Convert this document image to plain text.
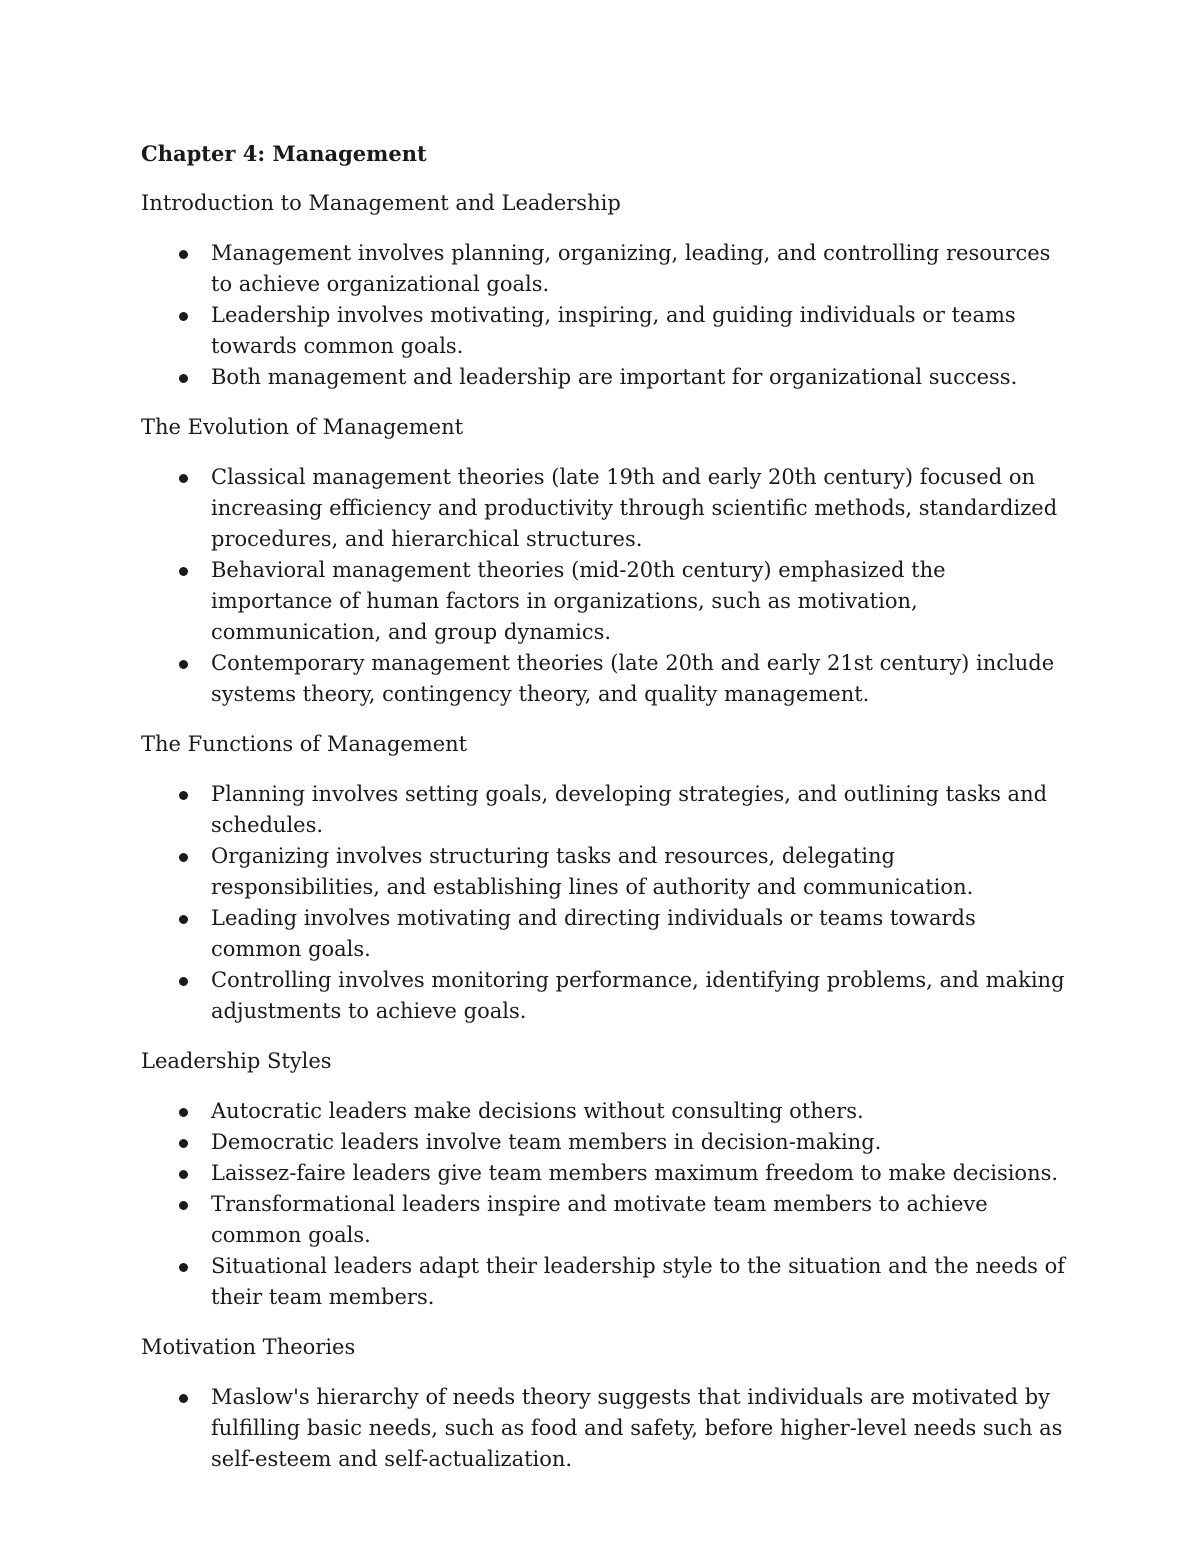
Chapter 4: Management
Introduction to Management and Leadership
Management involves planning, organizing, leading, and controlling resources to achieve organizational goals.
Leadership involves motivating, inspiring, and guiding individuals or teams towards common goals.
Both management and leadership are important for organizational success.
The Evolution of Management
Classical management theories (late 19th and early 20th century) focused on increasing efficiency and productivity through scientific methods, standardized procedures, and hierarchical structures.
Behavioral management theories (mid-20th century) emphasized the importance of human factors in organizations, such as motivation, communication, and group dynamics.
Contemporary management theories (late 20th and early 21st century) include systems theory, contingency theory, and quality management.
The Functions of Management
Planning involves setting goals, developing strategies, and outlining tasks and schedules.
Organizing involves structuring tasks and resources, delegating responsibilities, and establishing lines of authority and communication.
Leading involves motivating and directing individuals or teams towards common goals.
Controlling involves monitoring performance, identifying problems, and making adjustments to achieve goals.
Leadership Styles
Autocratic leaders make decisions without consulting others.
Democratic leaders involve team members in decision-making.
Laissez-faire leaders give team members maximum freedom to make decisions.
Transformational leaders inspire and motivate team members to achieve common goals.
Situational leaders adapt their leadership style to the situation and the needs of their team members.
Motivation Theories
Maslow's hierarchy of needs theory suggests that individuals are motivated by fulfilling basic needs, such as food and safety, before higher-level needs such as self-esteem and self-actualization.
